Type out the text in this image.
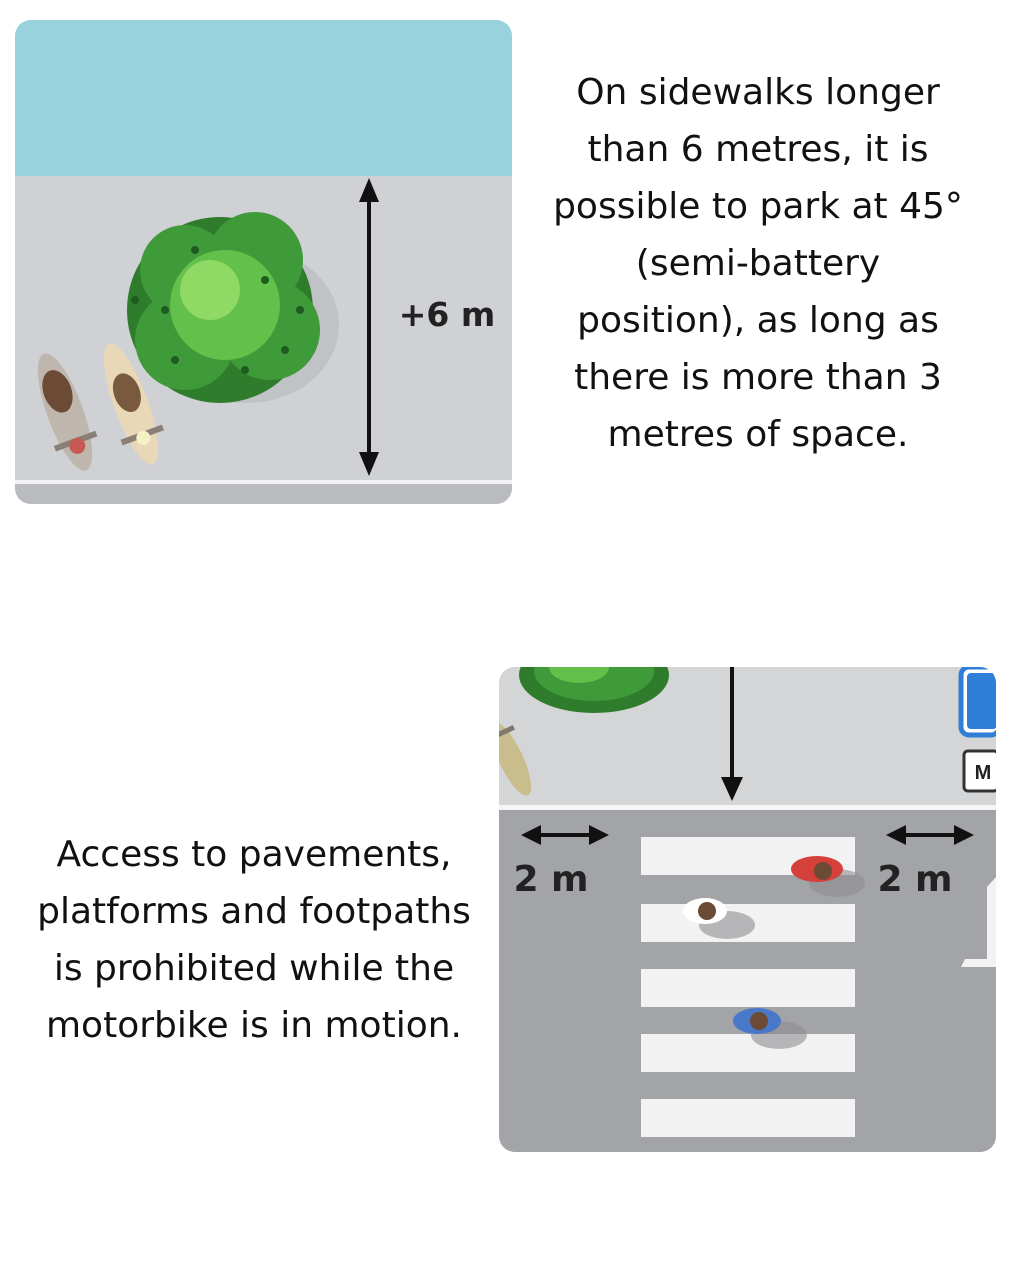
+6 m
On sidewalks longer than 6 metres, it is possible to park at 45° (semi-battery position), as long as there is more than 3 metres of space.
M
2 m	2 m
Access to pavements, platforms and footpaths is prohibited while the motorbike is in motion.
